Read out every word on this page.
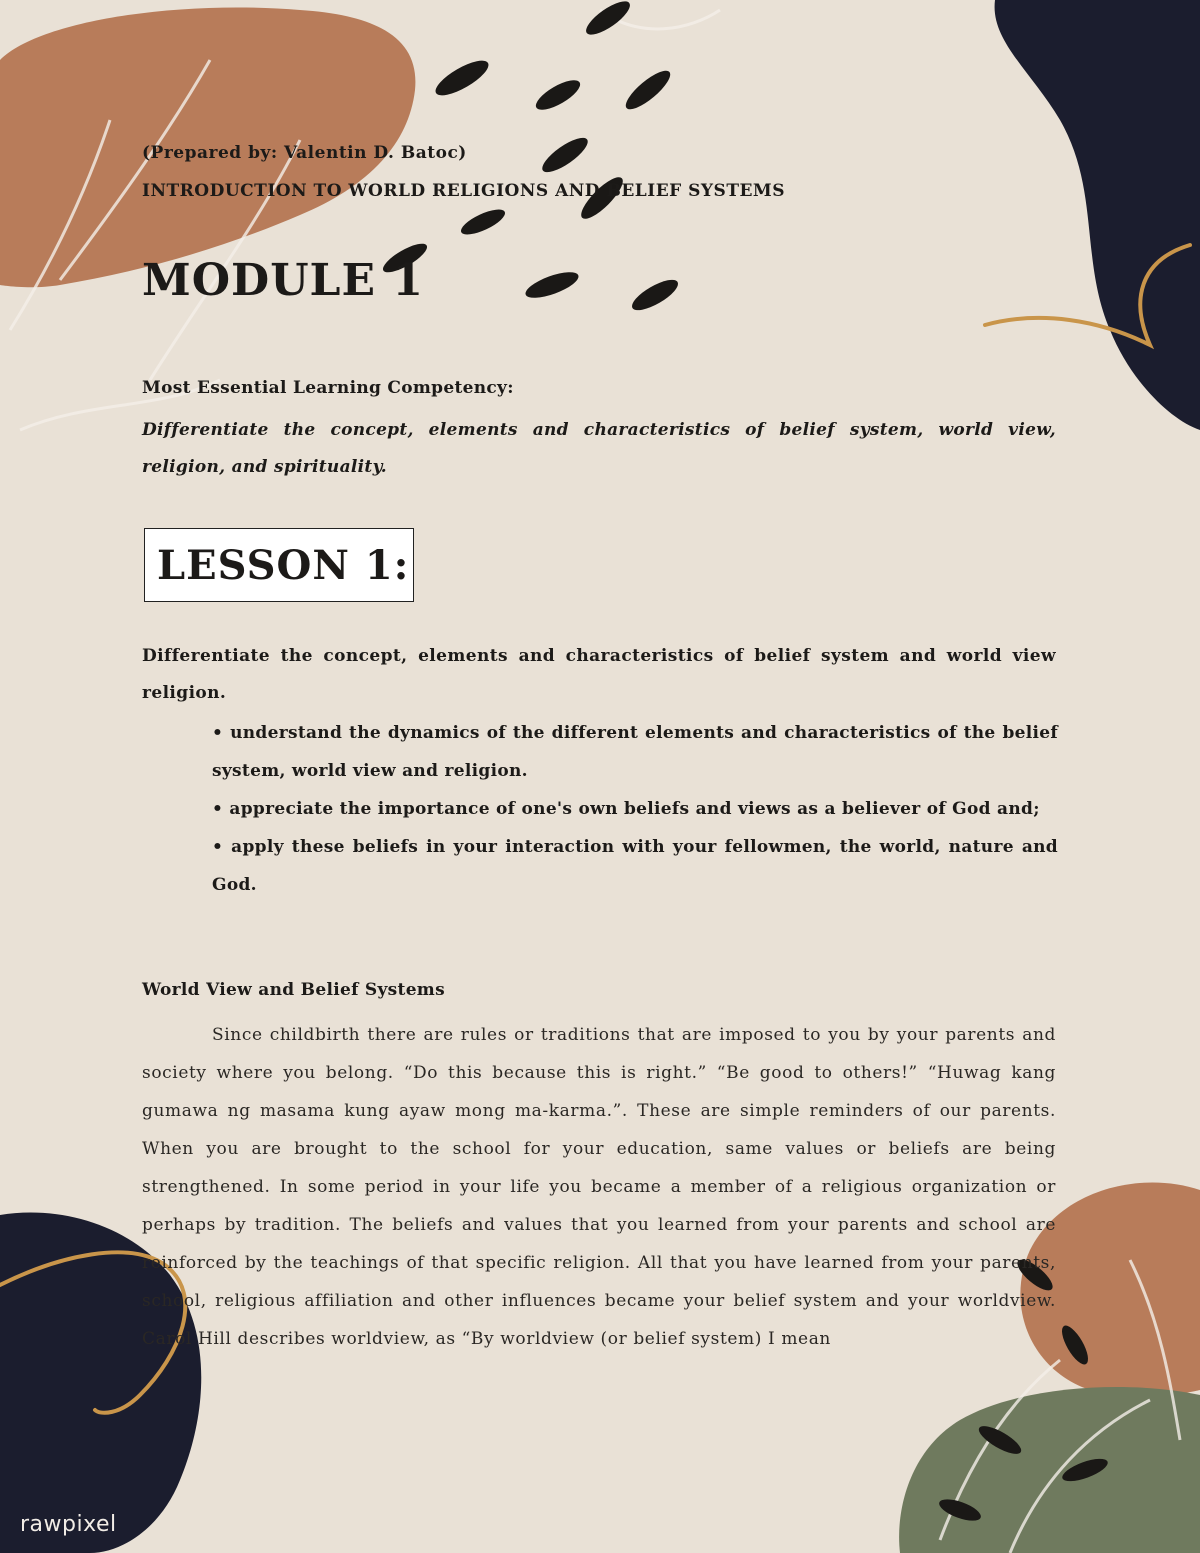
(Prepared by: Valentin D. Batoc)
INTRODUCTION TO WORLD RELIGIONS AND BELIEF SYSTEMS
MODULE 1
Most Essential Learning Competency:
Differentiate the concept, elements and characteristics of belief system, world view, religion, and spirituality.
LESSON 1:
Differentiate the concept, elements and characteristics of belief system and world view religion.
• understand the dynamics of the different elements and characteristics of the belief system, world view and religion.
• appreciate the importance of one's own beliefs and views as a believer of God and;
• apply these beliefs in your interaction with your fellowmen, the world, nature and God.
World View and Belief Systems
Since childbirth there are rules or traditions that are imposed to you by your parents and society where you belong. “Do this because this is right.” “Be good to others!” “Huwag kang gumawa ng masama kung ayaw mong ma-karma.”. These are simple reminders of our parents. When you are brought to the school for your education, same values or beliefs are being strengthened. In some period in your life you became a member of a religious organization or perhaps by tradition. The beliefs and values that you learned from your parents and school are reinforced by the teachings of that specific religion. All that you have learned from your parents, school, religious affiliation and other influences became your belief system and your worldview. Carol Hill describes worldview, as “By worldview (or belief system) I mean
rawpixel
